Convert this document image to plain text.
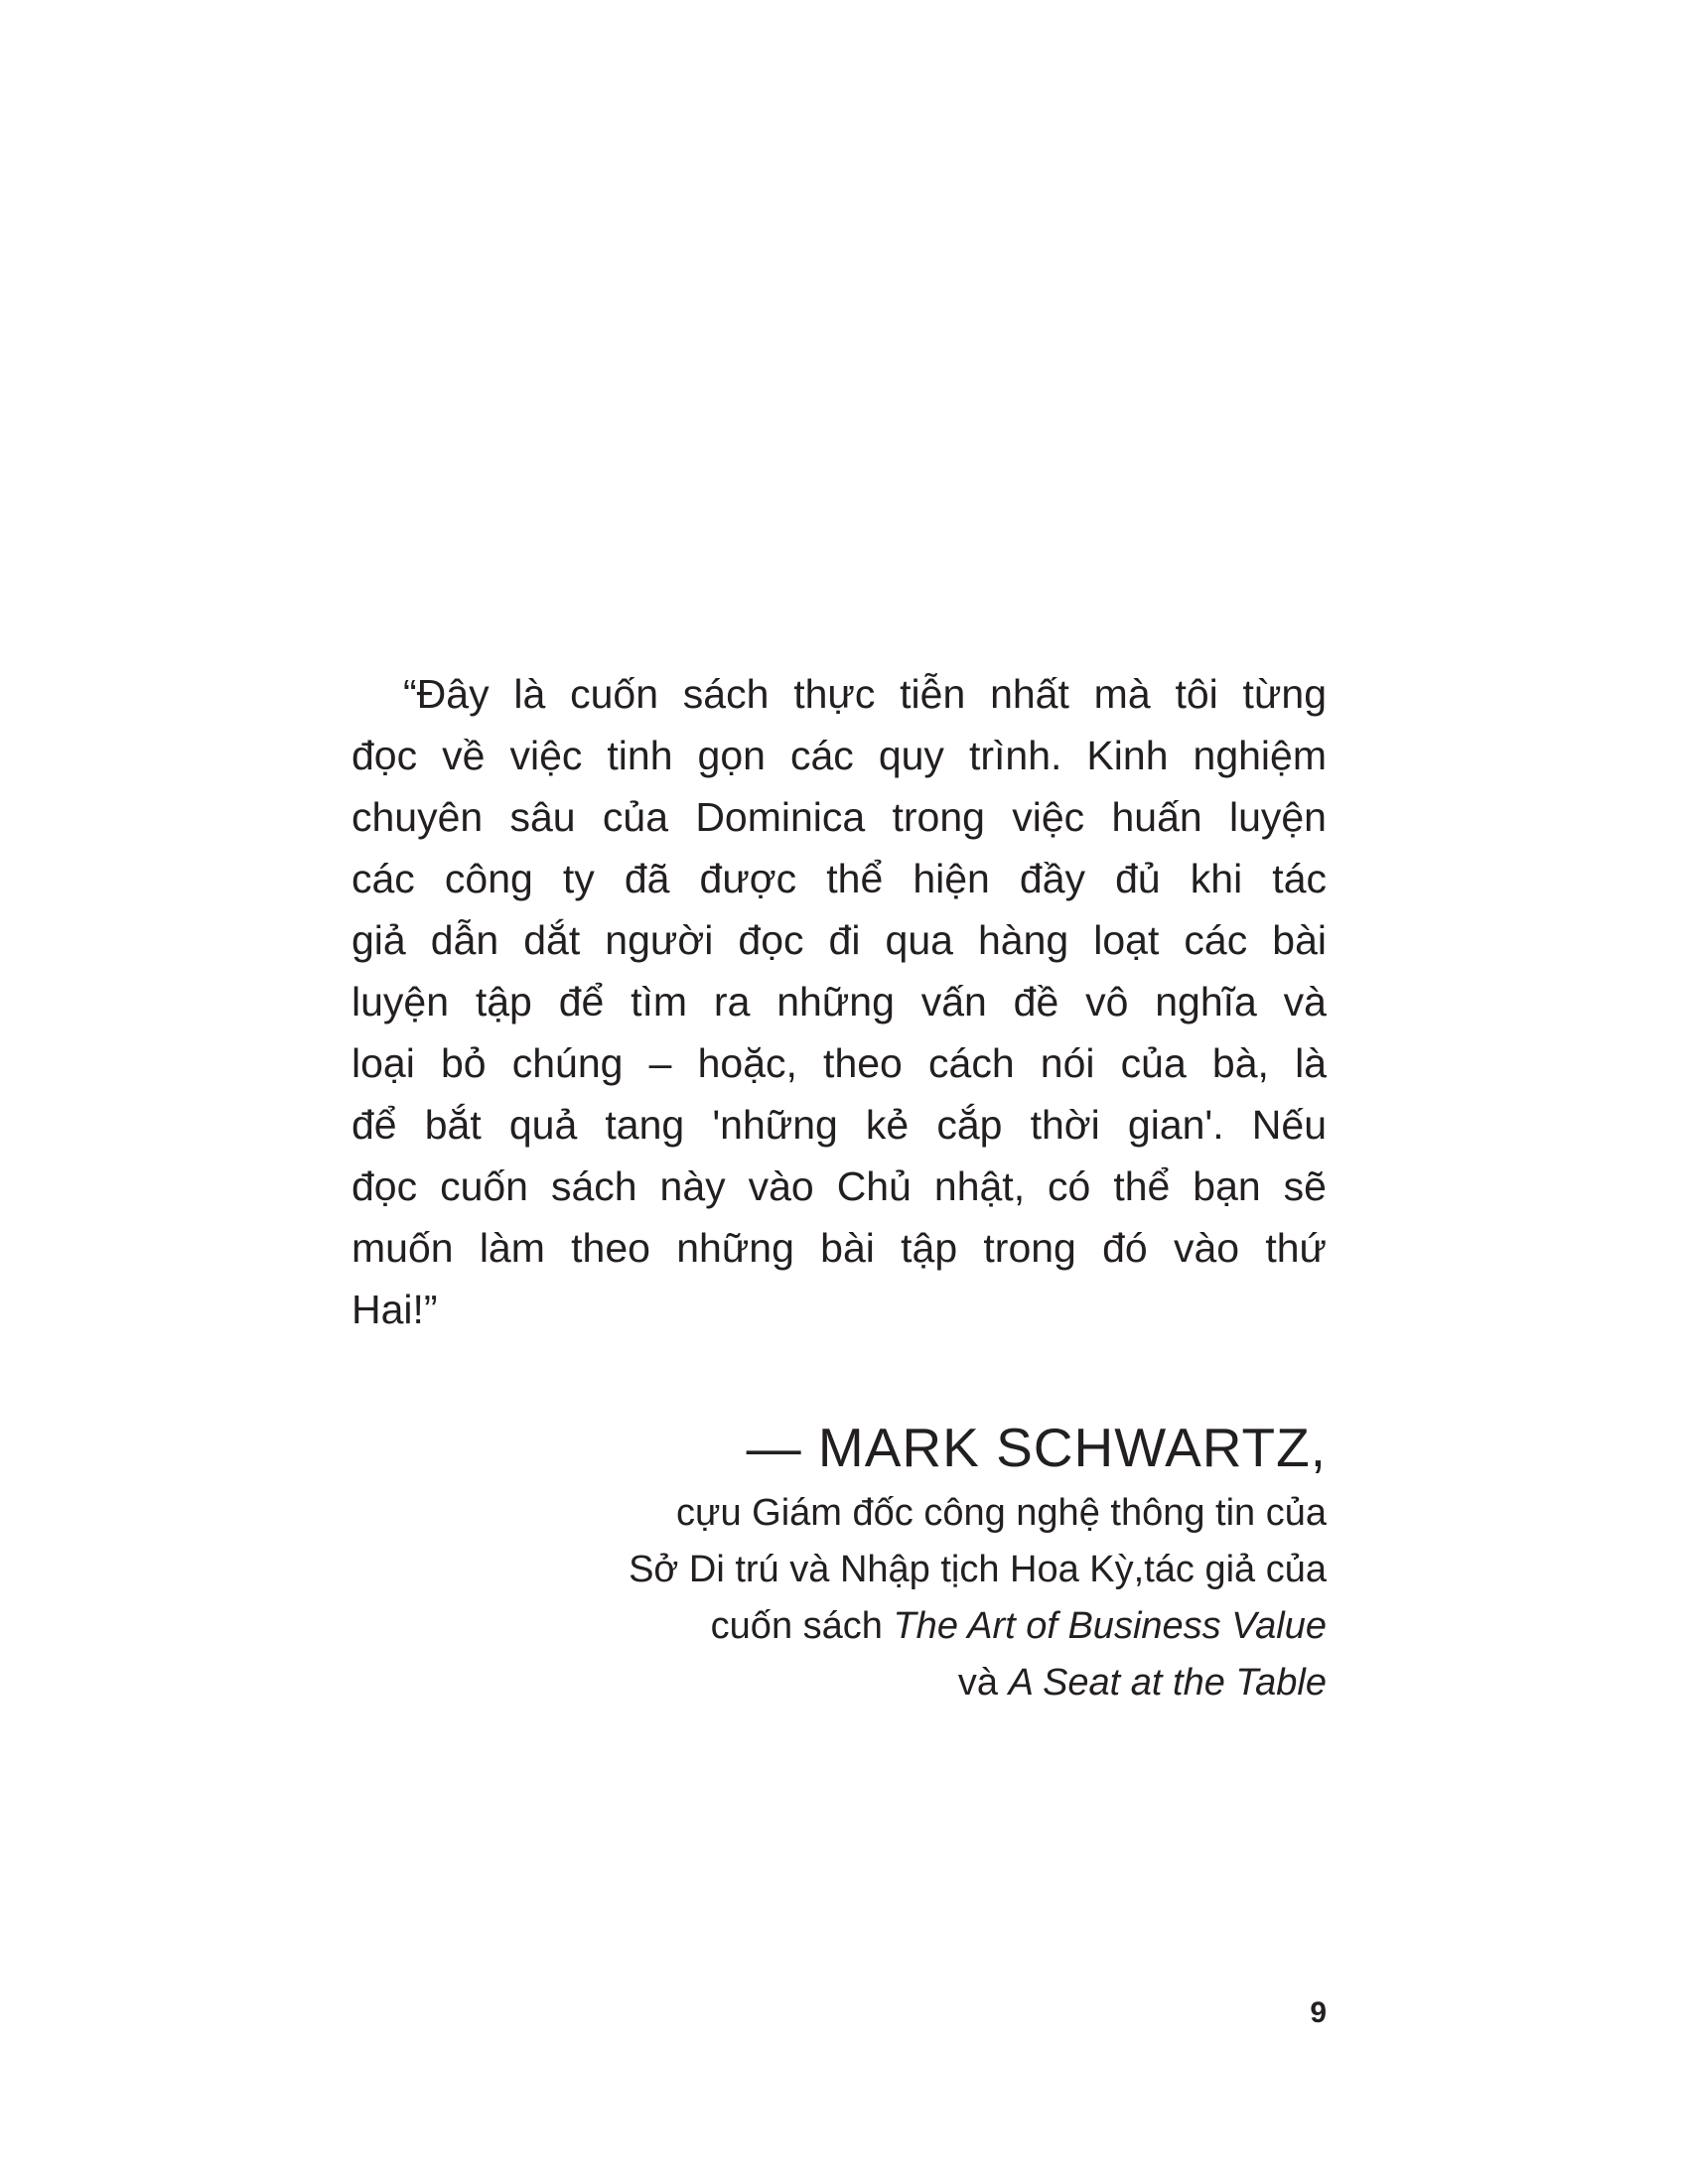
“Đây là cuốn sách thực tiễn nhất mà tôi từng
đọc về việc tinh gọn các quy trình. Kinh nghiệm
chuyên sâu của Dominica trong việc huấn luyện
các công ty đã được thể hiện đầy đủ khi tác
giả dẫn dắt người đọc đi qua hàng loạt các bài
luyện tập để tìm ra những vấn đề vô nghĩa và
loại bỏ chúng – hoặc, theo cách nói của bà, là
để bắt quả tang 'những kẻ cắp thời gian'. Nếu
đọc cuốn sách này vào Chủ nhật, có thể bạn sẽ
muốn làm theo những bài tập trong đó vào thứ
Hai!”
— MARK SCHWARTZ,
cựu Giám đốc công nghệ thông tin của
Sở Di trú và Nhập tịch Hoa Kỳ,tác giả của
cuốn sách The Art of Business Value
và A Seat at the Table
9
